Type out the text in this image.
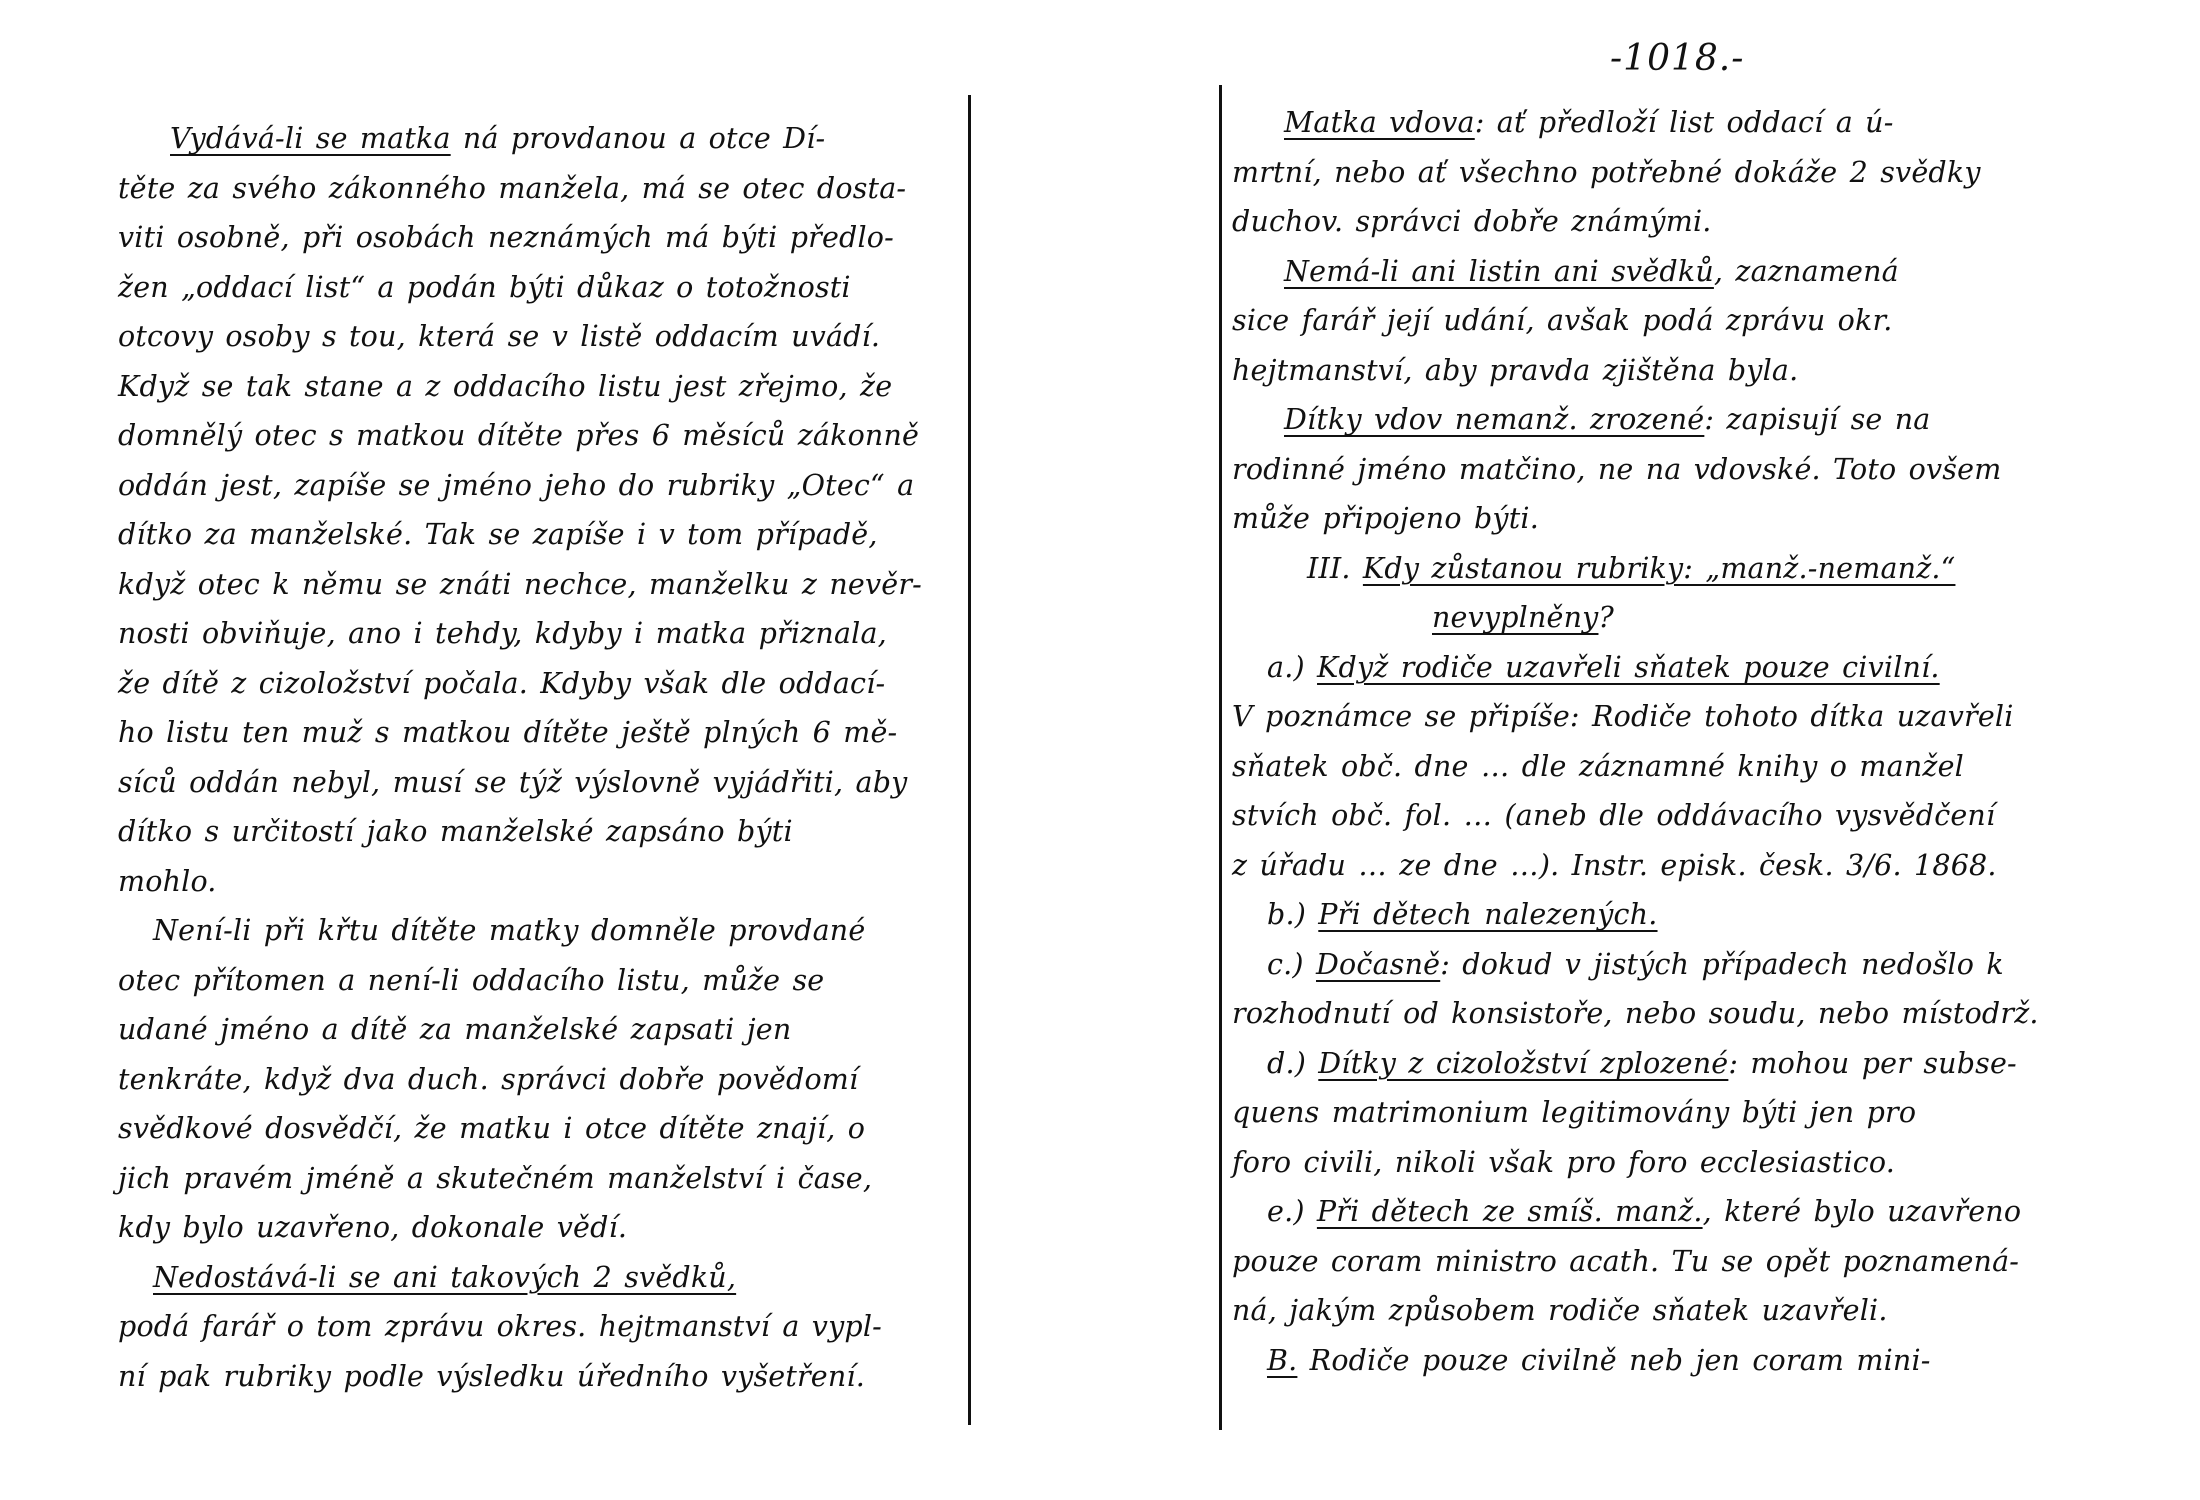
-1018.-
Vydává-li se matka ná provdanou a otce Dí-
těte za svého zákonného manžela, má se otec dosta-
viti osobně, při osobách neznámých má býti předlo-
žen „oddací list“ a podán býti důkaz o totožnosti
otcovy osoby s tou, která se v listě oddacím uvádí.
Když se tak stane a z oddacího listu jest zřejmo, že
domnělý otec s matkou dítěte přes 6 měsíců zákonně
oddán jest, zapíše se jméno jeho do rubriky „Otec“ a
dítko za manželské. Tak se zapíše i v tom případě,
když otec k němu se znáti nechce, manželku z nevěr-
nosti obviňuje, ano i tehdy, kdyby i matka přiznala,
že dítě z cizoložství počala. Kdyby však dle oddací-
ho listu ten muž s matkou dítěte ještě plných 6 mě-
síců oddán nebyl, musí se týž výslovně vyjádřiti, aby
dítko s určitostí jako manželské zapsáno býti
mohlo.
Není-li při křtu dítěte matky domněle provdané
otec přítomen a není-li oddacího listu, může se
udané jméno a dítě za manželské zapsati jen
tenkráte, když dva duch. správci dobře povědomí
svědkové dosvědčí, že matku i otce dítěte znají, o
jich pravém jméně a skutečném manželství i čase,
kdy bylo uzavřeno, dokonale vědí.
Nedostává-li se ani takových 2 svědků,
podá farář o tom zprávu okres. hejtmanství a vypl-
ní pak rubriky podle výsledku úředního vyšetření.
Matka vdova: ať předloží list oddací a ú-
mrtní, nebo ať všechno potřebné dokáže 2 svědky
duchov. správci dobře známými.
Nemá-li ani listin ani svědků, zaznamená
sice farář její udání, avšak podá zprávu okr.
hejtmanství, aby pravda zjištěna byla.
Dítky vdov nemanž. zrozené: zapisují se na
rodinné jméno matčino, ne na vdovské. Toto ovšem
může připojeno býti.
III. Kdy zůstanou rubriky: „manž.-nemanž.“
nevyplněny?
a.) Když rodiče uzavřeli sňatek pouze civilní.
V poznámce se připíše: Rodiče tohoto dítka uzavřeli
sňatek obč. dne … dle záznamné knihy o manžel
stvích obč. fol. … (aneb dle oddávacího vysvědčení
z úřadu … ze dne …). Instr. episk. česk. 3/6. 1868.
b.) Při dětech nalezených.
c.) Dočasně: dokud v jistých případech nedošlo k
rozhodnutí od konsistoře, nebo soudu, nebo místodrž.
d.) Dítky z cizoložství zplozené: mohou per subse-
quens matrimonium legitimovány býti jen pro
foro civili, nikoli však pro foro ecclesiastico.
e.) Při dětech ze smíš. manž., které bylo uzavřeno
pouze coram ministro acath. Tu se opět poznamená-
ná, jakým způsobem rodiče sňatek uzavřeli.
B. Rodiče pouze civilně neb jen coram mini-
